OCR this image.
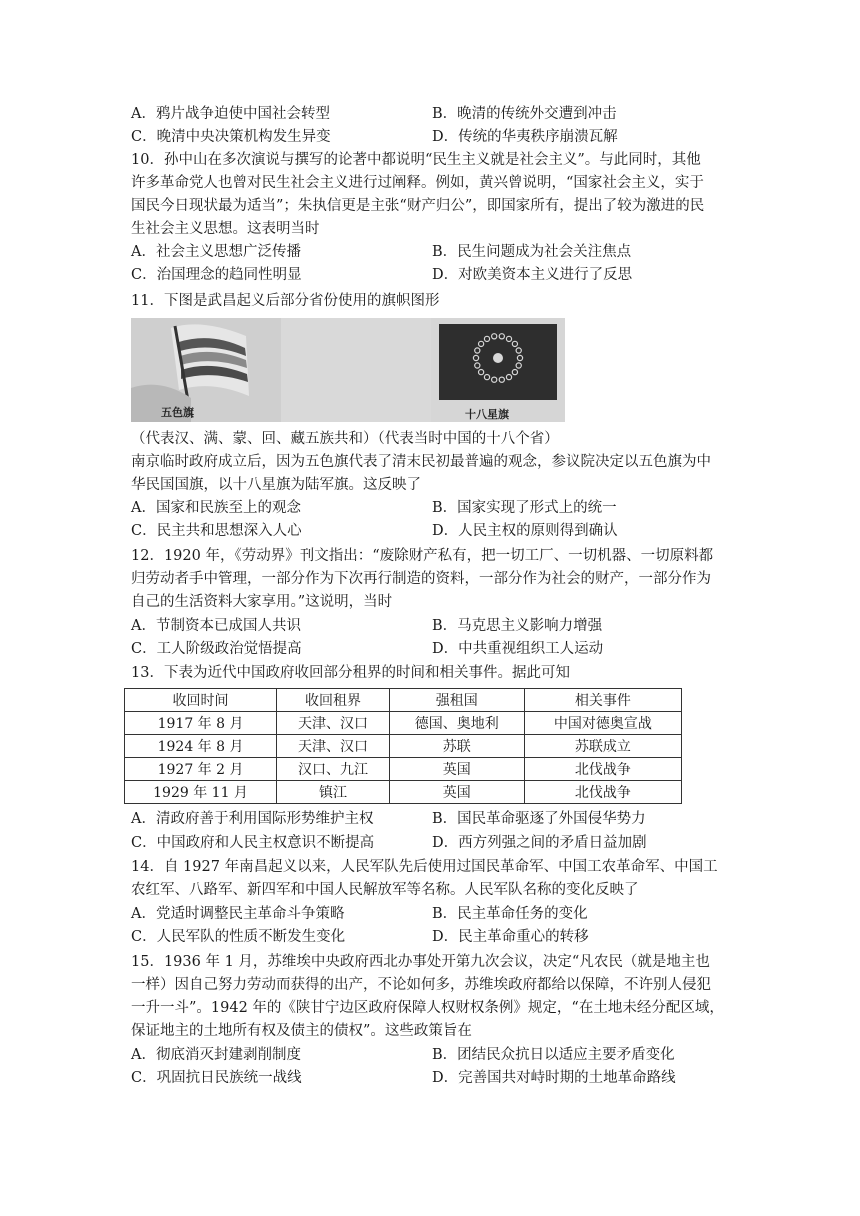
A．鸦片战争迫使中国社会转型	B．晚清的传统外交遭到冲击
C．晚清中央决策机构发生异变	D．传统的华夷秩序崩溃瓦解
10．孙中山在多次演说与撰写的论著中都说明“民生主义就是社会主义”。与此同时，其他
许多革命党人也曾对民生社会主义进行过阐释。例如，黄兴曾说明，“国家社会主义，实于
国民今日现状最为适当”；朱执信更是主张“财产归公”，即国家所有，提出了较为激进的民
生社会主义思想。这表明当时
A．社会主义思想广泛传播	B．民生问题成为社会关注焦点
C．治国理念的趋同性明显	D．对欧美资本主义进行了反思
11．下图是武昌起义后部分省份使用的旗帜图形
五色旗	十八星旗
（代表汉、满、蒙、回、藏五族共和）（代表当时中国的十八个省）
南京临时政府成立后，因为五色旗代表了清末民初最普遍的观念，参议院决定以五色旗为中
华民国国旗，以十八星旗为陆军旗。这反映了
A．国家和民族至上的观念	B．国家实现了形式上的统一
C．民主共和思想深入人心	D．人民主权的原则得到确认
12．1920 年，《劳动界》刊文指出：“废除财产私有，把一切工厂、一切机器、一切原料都
归劳动者手中管理，一部分作为下次再行制造的资料，一部分作为社会的财产，一部分作为
自己的生活资料大家享用。”这说明，当时
A．节制资本已成国人共识	B．马克思主义影响力增强
C．工人阶级政治觉悟提高	D．中共重视组织工人运动
13．下表为近代中国政府收回部分租界的时间和相关事件。据此可知
收回时间	收回租界	强租国	相关事件
1917 年 8 月	天津、汉口	德国、奥地利	中国对德奥宣战
1924 年 8 月	天津、汉口	苏联	苏联成立
1927 年 2 月	汉口、九江	英国	北伐战争
1929 年 11 月	镇江	英国	北伐战争
A．清政府善于利用国际形势维护主权	B．国民革命驱逐了外国侵华势力
C．中国政府和人民主权意识不断提高	D．西方列强之间的矛盾日益加剧
14．自 1927 年南昌起义以来，人民军队先后使用过国民革命军、中国工农革命军、中国工
农红军、八路军、新四军和中国人民解放军等名称。人民军队名称的变化反映了
A．党适时调整民主革命斗争策略	B．民主革命任务的变化
C．人民军队的性质不断发生变化	D．民主革命重心的转移
15．1936 年 1 月，苏维埃中央政府西北办事处开第九次会议，决定“凡农民（就是地主也
一样）因自己努力劳动而获得的出产，不论如何多，苏维埃政府都给以保障，不许别人侵犯
一升一斗”。1942 年的《陕甘宁边区政府保障人权财权条例》规定，“在土地未经分配区域，
保证地主的土地所有权及债主的债权”。这些政策旨在
A．彻底消灭封建剥削制度	B．团结民众抗日以适应主要矛盾变化
C．巩固抗日民族统一战线	D．完善国共对峙时期的土地革命路线
